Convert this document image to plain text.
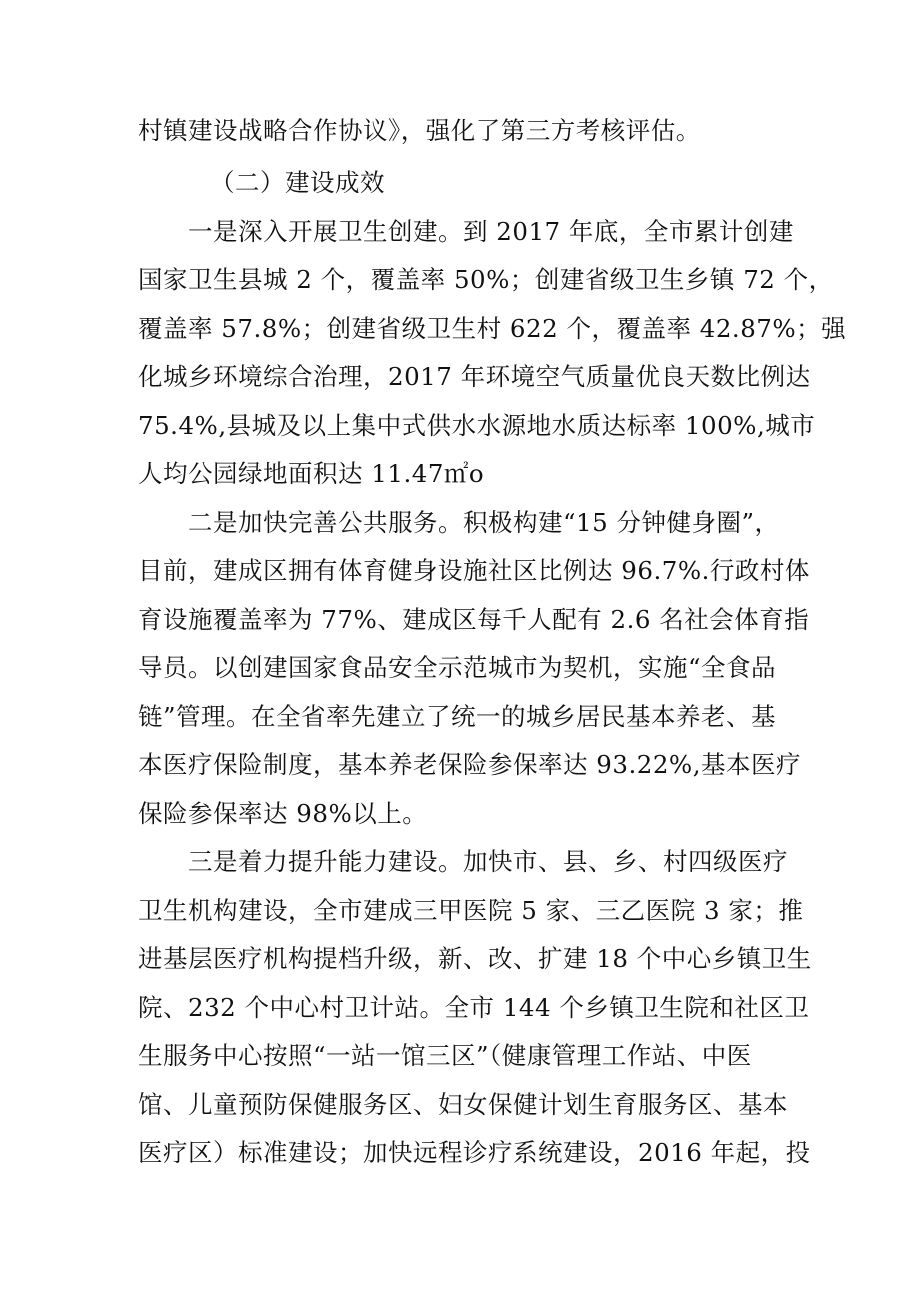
村镇建设战略合作协议》，强化了第三方考核评估。
（二）建设成效
一是深入开展卫生创建。到 2017 年底，全市累计创建
国家卫生县城 2 个，覆盖率 50%；创建省级卫生乡镇 72 个，
覆盖率 57.8%；创建省级卫生村 622 个，覆盖率 42.87%；强
化城乡环境综合治理，2017 年环境空气质量优良天数比例达
75.4%,县城及以上集中式供水水源地水质达标率 100%,城市
人均公园绿地面积达 11.47㎡o
二是加快完善公共服务。积极构建“15 分钟健身圈”，
目前，建成区拥有体育健身设施社区比例达 96.7%.行政村体
育设施覆盖率为 77%、建成区每千人配有 2.6 名社会体育指
导员。以创建国家食品安全示范城市为契机，实施“全食品
链”管理。在全省率先建立了统一的城乡居民基本养老、基
本医疗保险制度，基本养老保险参保率达 93.22%,基本医疗
保险参保率达 98%以上。
三是着力提升能力建设。加快市、县、乡、村四级医疗
卫生机构建设，全市建成三甲医院 5 家、三乙医院 3 家；推
进基层医疗机构提档升级，新、改、扩建 18 个中心乡镇卫生
院、232 个中心村卫计站。全市 144 个乡镇卫生院和社区卫
生服务中心按照“一站一馆三区”（健康管理工作站、中医
馆、儿童预防保健服务区、妇女保健计划生育服务区、基本
医疗区）标准建设；加快远程诊疗系统建设，2016 年起，投
